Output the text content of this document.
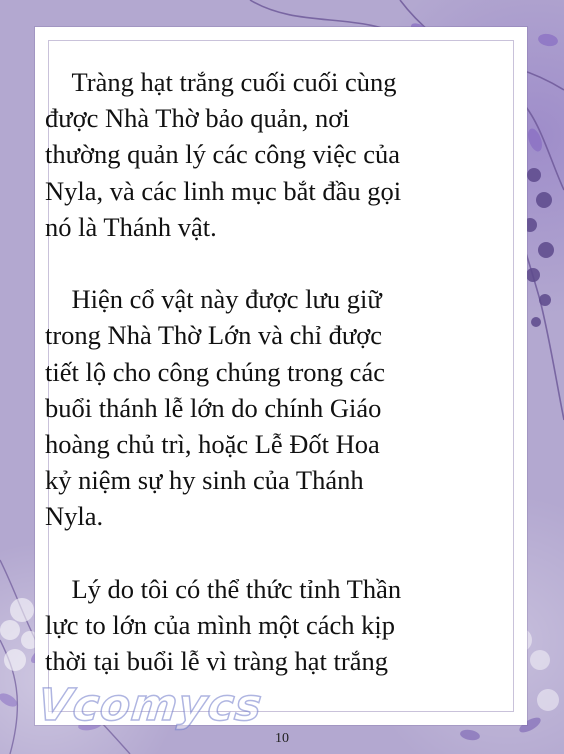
 Tràng hạt trắng cuối cuối cùng
được Nhà Thờ bảo quản, nơi
thường quản lý các công việc của
Nyla, và các linh mục bắt đầu gọi
nó là Thánh vật.

 Hiện cổ vật này được lưu giữ
trong Nhà Thờ Lớn và chỉ được
tiết lộ cho công chúng trong các
buổi thánh lễ lớn do chính Giáo
hoàng chủ trì, hoặc Lễ Đốt Hoa
kỷ niệm sự hy sinh của Thánh
Nyla.

 Lý do tôi có thể thức tỉnh Thần
lực to lớn của mình một cách kịp
thời tại buổi lễ vì tràng hạt trắng

Vcomycs
10
